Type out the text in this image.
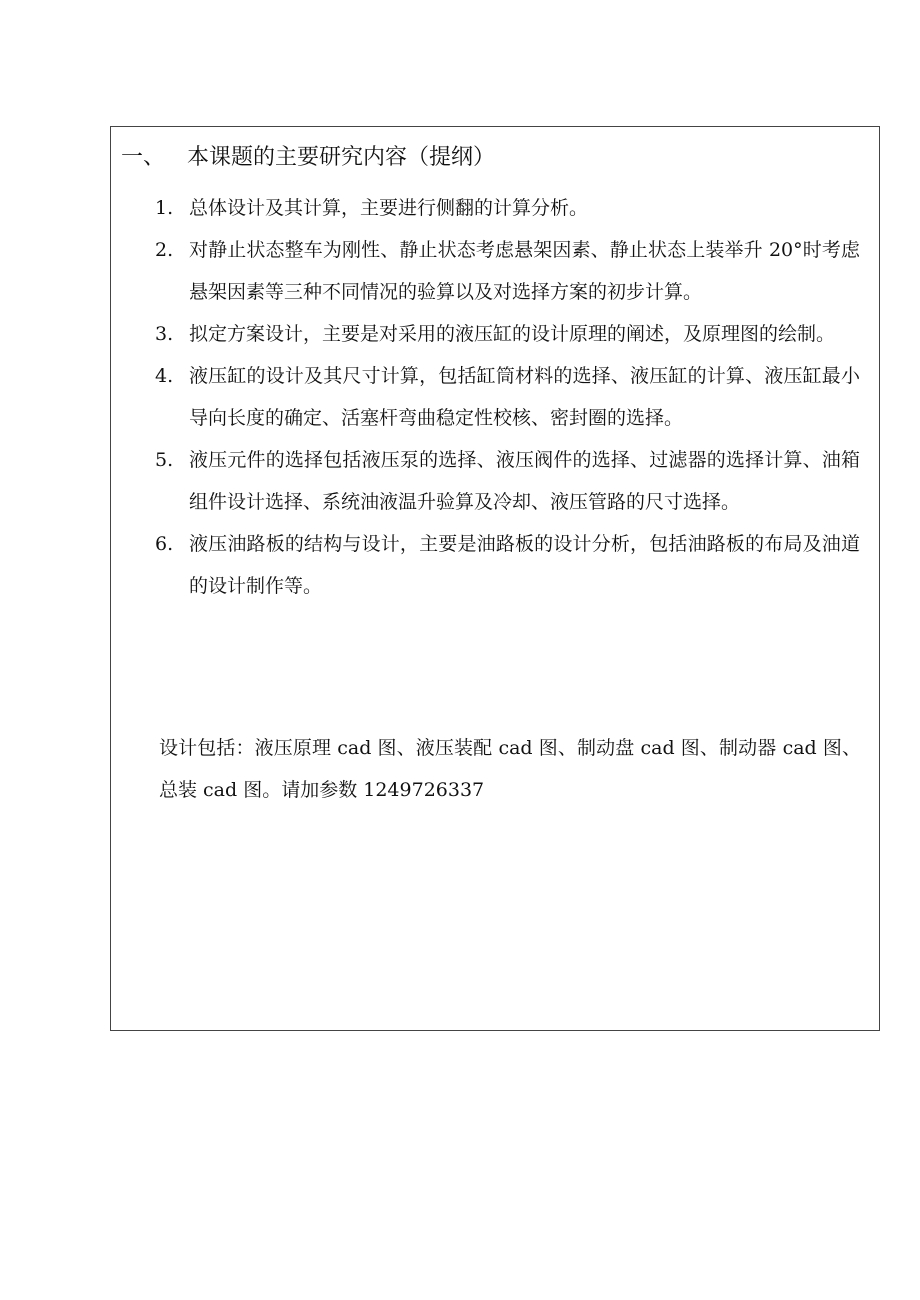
一、 本课题的主要研究内容（提纲）
1. 总体设计及其计算，主要进行侧翻的计算分析。
2. 对静止状态整车为刚性、静止状态考虑悬架因素、静止状态上装举升 20°时考虑悬架因素等三种不同情况的验算以及对选择方案的初步计算。
3. 拟定方案设计，主要是对采用的液压缸的设计原理的阐述，及原理图的绘制。
4. 液压缸的设计及其尺寸计算，包括缸筒材料的选择、液压缸的计算、液压缸最小导向长度的确定、活塞杆弯曲稳定性校核、密封圈的选择。
5. 液压元件的选择包括液压泵的选择、液压阀件的选择、过滤器的选择计算、油箱组件设计选择、系统油液温升验算及冷却、液压管路的尺寸选择。
6. 液压油路板的结构与设计，主要是油路板的设计分析，包括油路板的布局及油道的设计制作等。
设计包括：液压原理 cad 图、液压装配 cad 图、制动盘 cad 图、制动器 cad 图、总装 cad 图。请加参数 1249726337
